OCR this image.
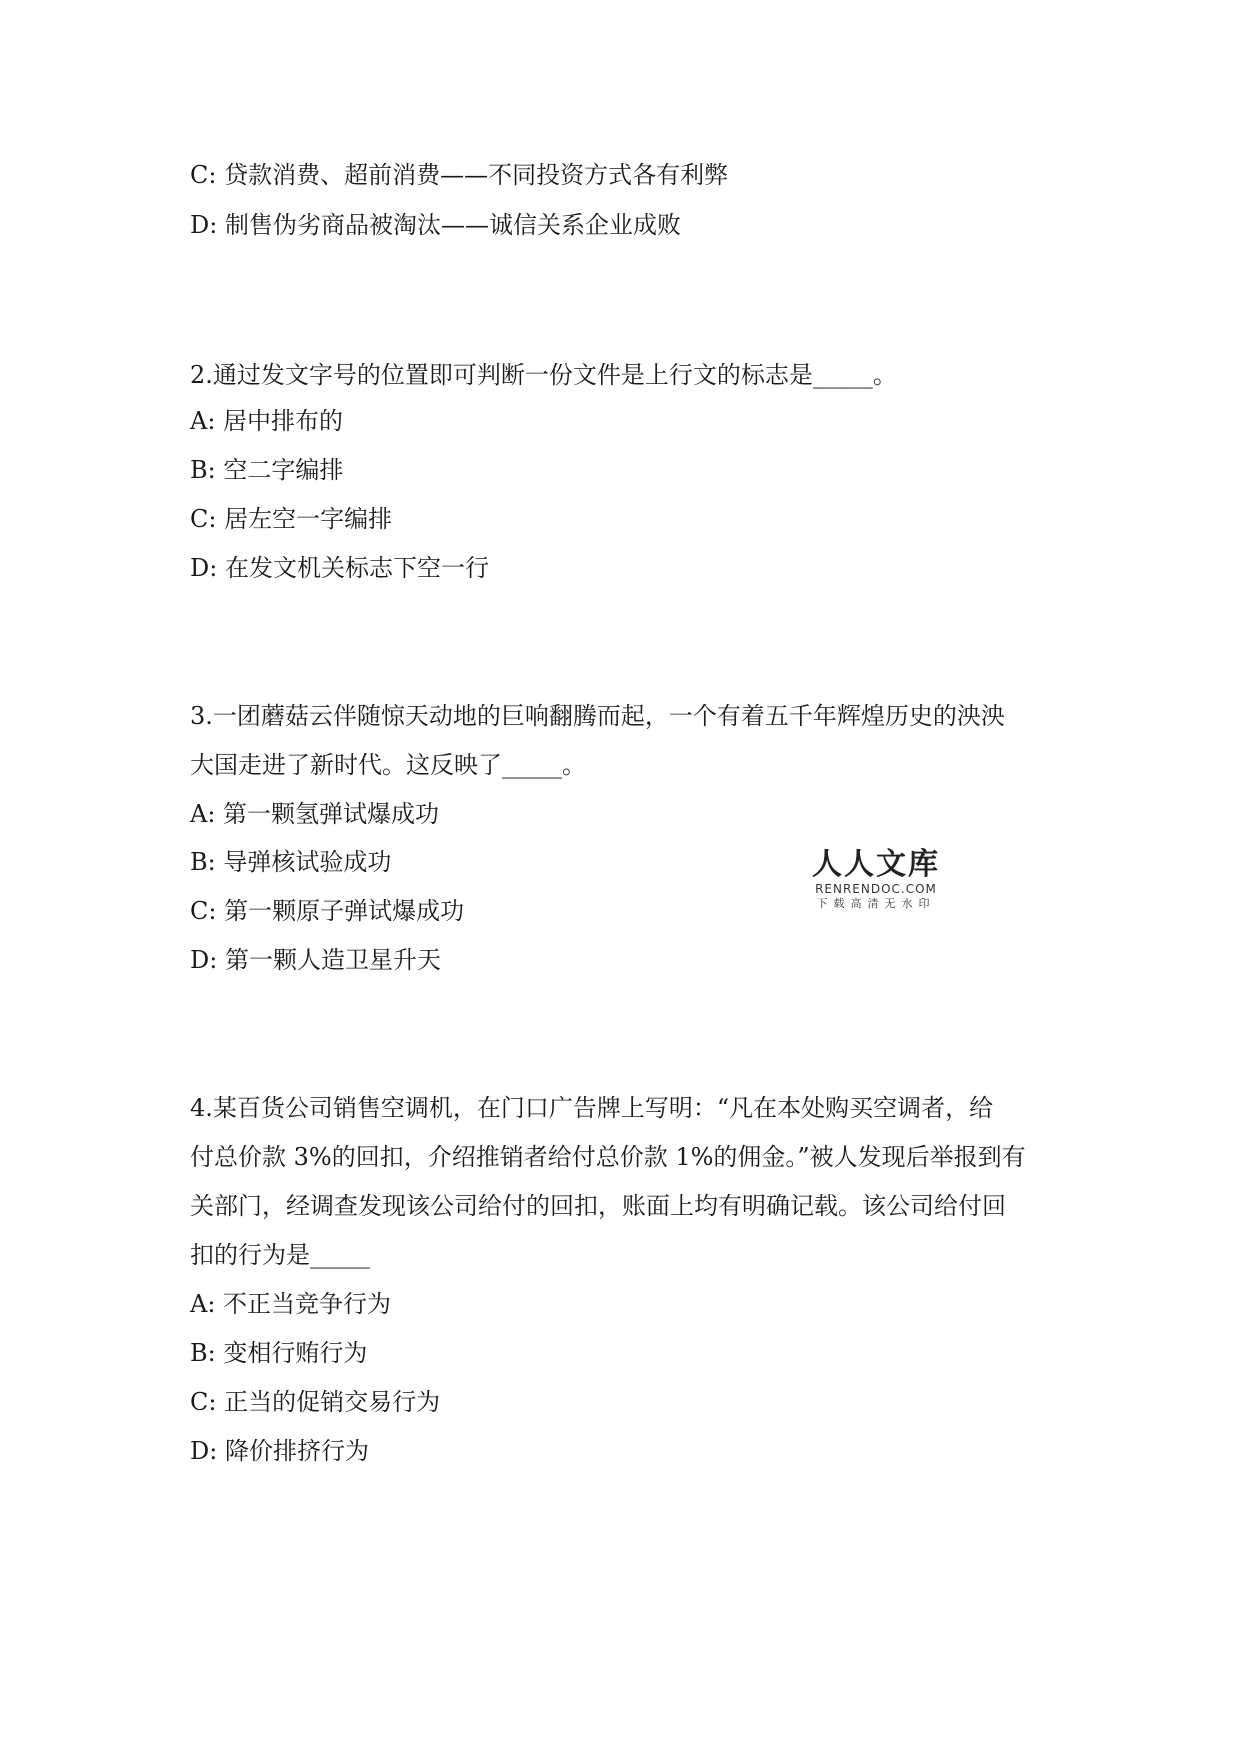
C: 贷款消费、超前消费——不同投资方式各有利弊
D: 制售伪劣商品被淘汰——诚信关系企业成败
2.通过发文字号的位置即可判断一份文件是上行文的标志是_____。
A: 居中排布的
B: 空二字编排
C: 居左空一字编排
D: 在发文机关标志下空一行
3.一团蘑菇云伴随惊天动地的巨响翻腾而起，一个有着五千年辉煌历史的泱泱
大国走进了新时代。这反映了_____。
A: 第一颗氢弹试爆成功
B: 导弹核试验成功
C: 第一颗原子弹试爆成功
D: 第一颗人造卫星升天
人人文库
RENRENDOC.COM
下载高清无水印
4.某百货公司销售空调机，在门口广告牌上写明：“凡在本处购买空调者，给
付总价款 3%的回扣，介绍推销者给付总价款 1%的佣金。”被人发现后举报到有
关部门，经调查发现该公司给付的回扣，账面上均有明确记载。该公司给付回
扣的行为是_____
A: 不正当竞争行为
B: 变相行贿行为
C: 正当的促销交易行为
D: 降价排挤行为
